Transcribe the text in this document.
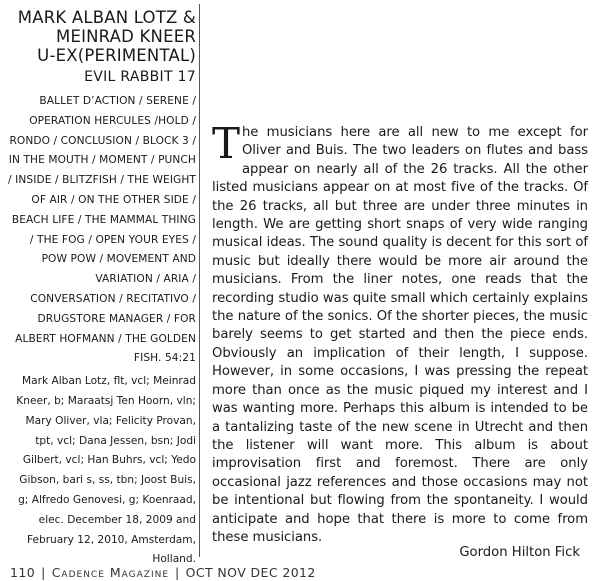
MARK ALBAN LOTZ &
MEINRAD KNEER
U-EX(PERIMENTAL)
EVIL RABBIT 17
BALLET D’ACTION / SERENE / OPERATION HERCULES /HOLD / RONDO / CONCLUSION / BLOCK 3 / IN THE MOUTH / MOMENT / PUNCH / INSIDE / BLITZFISH / THE WEIGHT OF AIR / ON THE OTHER SIDE / BEACH LIFE / THE MAMMAL THING / THE FOG / OPEN YOUR EYES / POW POW / MOVEMENT AND VARIATION / ARIA / CONVERSATION / RECITATIVO / DRUGSTORE MANAGER / FOR ALBERT HOFMANN / THE GOLDEN FISH. 54:21
Mark Alban Lotz, flt, vcl; Meinrad Kneer, b; Maraatsj Ten Hoorn, vln; Mary Oliver, vla; Felicity Provan, tpt, vcl; Dana Jessen, bsn; Jodi Gilbert, vcl; Han Buhrs, vcl; Yedo Gibson, bari s, ss, tbn; Joost Buis, g; Alfredo Genovesi, g; Koenraad, elec. December 18, 2009 and February 12, 2010, Amsterdam, Holland.
The musicians here are all new to me except for Oliver and Buis. The two leaders on flutes and bass appear on nearly all of the 26 tracks. All the other listed musicians appear on at most five of the tracks. Of the 26 tracks, all but three are under three minutes in length. We are getting short snaps of very wide ranging musical ideas. The sound quality is decent for this sort of music but ideally there would be more air around the musicians. From the liner notes, one reads that the recording studio was quite small which certainly explains the nature of the sonics. Of the shorter pieces, the music barely seems to get started and then the piece ends. Obviously an implication of their length, I suppose. However, in some occasions, I was pressing the repeat more than once as the music piqued my interest and I was wanting more. Perhaps this album is intended to be a tantalizing taste of the new scene in Utrecht and then the listener will want more. This album is about improvisation first and foremost. There are only occasional jazz references and those occasions may not be intentional but flowing from the spontaneity. I would anticipate and hope that there is more to come from these musicians.
Gordon Hilton Fick
110 | Cadence Magazine | OCT NOV DEC 2012
